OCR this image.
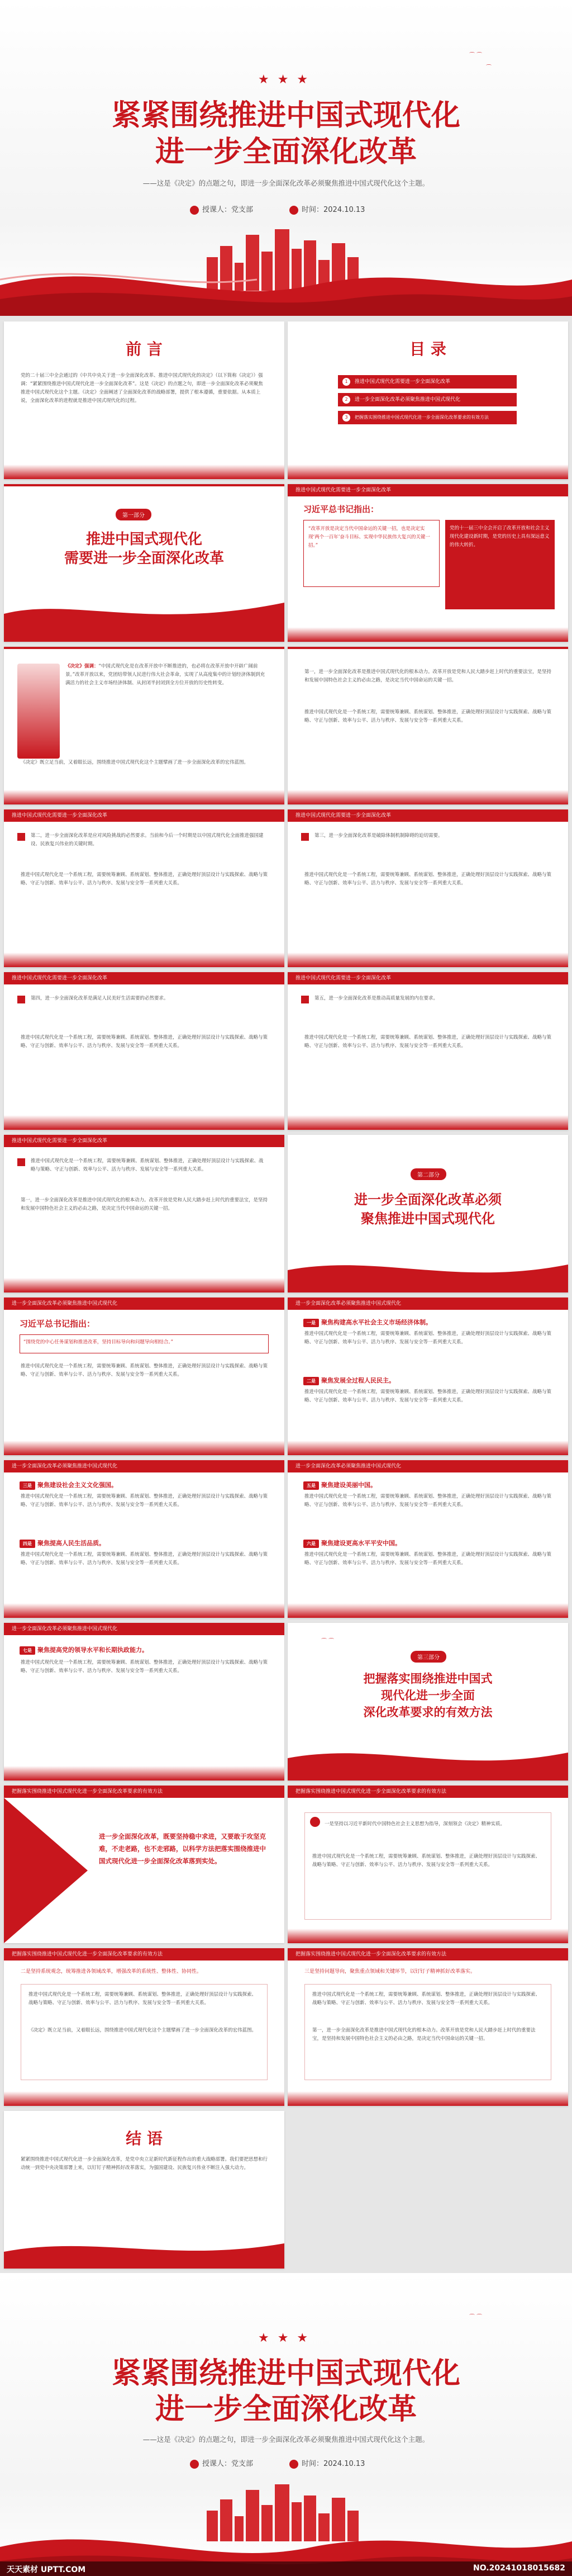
★ ★ ★
⌒ ⌒
⌒
紧紧围绕推进中国式现代化
进一步全面深化改革
——这是《决定》的点题之句，即进一步全面深化改革必须聚焦推进中国式现代化这个主题。
授课人：党支部	时间：2024.10.13
前 言
党的二十届三中全会通过的《中共中央关于进一步全面深化改革、推进中国式现代化的决定》（以下简称《决定》）强调：“紧紧围绕推进中国式现代化进一步全面深化改革”。这是《决定》的点题之句，即进一步全面深化改革必须聚焦推进中国式现代化这个主题。《决定》全面阐述了全面深化改革的战略部署，提供了根本遵循，重要依据。从本质上说，全面深化改革的进程就是推进中国式现代化的过程。
目 录
1	推进中国式现代化需要进一步全面深化改革
2	进一步全面深化改革必须聚焦推进中国式现代化
3	把握落实围绕推进中国式现代化进一步全面深化改革要求的有效方法
第一部分
推进中国式现代化
需要进一步全面深化改革
推进中国式现代化需要进一步全面深化改革
习近平总书记指出：
“改革开放是决定当代中国命运的关键一招，也是决定实现‘两个一百年’奋斗目标、实现中华民族伟大复兴的关键一招。”
党的十一届三中全会开启了改革开放和社会主义现代化建设新时期，是党的历史上具有深远意义的伟大转折。
《决定》强调：“中国式现代化是在改革开放中不断推进的，也必将在改革开放中开辟广阔前景。”改革开放以来，党团结带领人民进行伟大社会革命，实现了从高度集中的计划经济体制到充满活力的社会主义市场经济体制、从封闭半封闭到全方位开放的历史性转变。
《决定》既立足当前，又着眼长远，围绕推进中国式现代化这个主题擘画了进一步全面深化改革的宏伟蓝图。
第一，进一步全面深化改革是推进中国式现代化的根本动力。改革开放是党和人民大踏步赶上时代的重要法宝，是坚持和发展中国特色社会主义的必由之路，是决定当代中国命运的关键一招。
推进中国式现代化是一个系统工程，需要统筹兼顾、系统谋划、整体推进，正确处理好顶层设计与实践探索、战略与策略、守正与创新、效率与公平、活力与秩序、发展与安全等一系列重大关系。
推进中国式现代化需要进一步全面深化改革
第二，进一步全面深化改革是应对风险挑战的必然要求。当前和今后一个时期是以中国式现代化全面推进强国建设、民族复兴伟业的关键时期。
推进中国式现代化是一个系统工程，需要统筹兼顾、系统谋划、整体推进，正确处理好顶层设计与实践探索、战略与策略、守正与创新、效率与公平、活力与秩序、发展与安全等一系列重大关系。
推进中国式现代化需要进一步全面深化改革
第三，进一步全面深化改革是破除体制机制障碍的迫切需要。
推进中国式现代化是一个系统工程，需要统筹兼顾、系统谋划、整体推进，正确处理好顶层设计与实践探索、战略与策略、守正与创新、效率与公平、活力与秩序、发展与安全等一系列重大关系。
推进中国式现代化需要进一步全面深化改革
第四，进一步全面深化改革是满足人民美好生活需要的必然要求。
推进中国式现代化是一个系统工程，需要统筹兼顾、系统谋划、整体推进，正确处理好顶层设计与实践探索、战略与策略、守正与创新、效率与公平、活力与秩序、发展与安全等一系列重大关系。
推进中国式现代化需要进一步全面深化改革
第五，进一步全面深化改革是推动高质量发展的内在要求。
推进中国式现代化是一个系统工程，需要统筹兼顾、系统谋划、整体推进，正确处理好顶层设计与实践探索、战略与策略、守正与创新、效率与公平、活力与秩序、发展与安全等一系列重大关系。
推进中国式现代化需要进一步全面深化改革
推进中国式现代化是一个系统工程，需要统筹兼顾、系统谋划、整体推进，正确处理好顶层设计与实践探索、战略与策略、守正与创新、效率与公平、活力与秩序、发展与安全等一系列重大关系。
第一，进一步全面深化改革是推进中国式现代化的根本动力。改革开放是党和人民大踏步赶上时代的重要法宝，是坚持和发展中国特色社会主义的必由之路，是决定当代中国命运的关键一招。
第二部分
进一步全面深化改革必须
聚焦推进中国式现代化
进一步全面深化改革必须聚焦推进中国式现代化
习近平总书记指出：
“围绕党的中心任务谋划和推进改革，坚持目标导向和问题导向相结合。”
推进中国式现代化是一个系统工程，需要统筹兼顾、系统谋划、整体推进，正确处理好顶层设计与实践探索、战略与策略、守正与创新、效率与公平、活力与秩序、发展与安全等一系列重大关系。
进一步全面深化改革必须聚焦推进中国式现代化
一是 聚焦构建高水平社会主义市场经济体制。
推进中国式现代化是一个系统工程，需要统筹兼顾、系统谋划、整体推进，正确处理好顶层设计与实践探索、战略与策略、守正与创新、效率与公平、活力与秩序、发展与安全等一系列重大关系。
二是 聚焦发展全过程人民民主。
推进中国式现代化是一个系统工程，需要统筹兼顾、系统谋划、整体推进，正确处理好顶层设计与实践探索、战略与策略、守正与创新、效率与公平、活力与秩序、发展与安全等一系列重大关系。
进一步全面深化改革必须聚焦推进中国式现代化
三是 聚焦建设社会主义文化强国。
推进中国式现代化是一个系统工程，需要统筹兼顾、系统谋划、整体推进，正确处理好顶层设计与实践探索、战略与策略、守正与创新、效率与公平、活力与秩序、发展与安全等一系列重大关系。
四是 聚焦提高人民生活品质。
推进中国式现代化是一个系统工程，需要统筹兼顾、系统谋划、整体推进，正确处理好顶层设计与实践探索、战略与策略、守正与创新、效率与公平、活力与秩序、发展与安全等一系列重大关系。
进一步全面深化改革必须聚焦推进中国式现代化
五是 聚焦建设美丽中国。
推进中国式现代化是一个系统工程，需要统筹兼顾、系统谋划、整体推进，正确处理好顶层设计与实践探索、战略与策略、守正与创新、效率与公平、活力与秩序、发展与安全等一系列重大关系。
六是 聚焦建设更高水平平安中国。
推进中国式现代化是一个系统工程，需要统筹兼顾、系统谋划、整体推进，正确处理好顶层设计与实践探索、战略与策略、守正与创新、效率与公平、活力与秩序、发展与安全等一系列重大关系。
进一步全面深化改革必须聚焦推进中国式现代化
七是 聚焦提高党的领导水平和长期执政能力。
推进中国式现代化是一个系统工程，需要统筹兼顾、系统谋划、整体推进，正确处理好顶层设计与实践探索、战略与策略、守正与创新、效率与公平、活力与秩序、发展与安全等一系列重大关系。
⌒ ⌒
第三部分
把握落实围绕推进中国式
现代化进一步全面
深化改革要求的有效方法
把握落实围绕推进中国式现代化进一步全面深化改革要求的有效方法
进一步全面深化改革，既要坚持稳中求进，又要敢于攻坚克难，不走老路，也不走邪路，以科学方法把落实围绕推进中国式现代化进一步全面深化改革落到实处。
把握落实围绕推进中国式现代化进一步全面深化改革要求的有效方法
一是坚持以习近平新时代中国特色社会主义思想为指导，深刻领会《决定》精神实质。
推进中国式现代化是一个系统工程，需要统筹兼顾、系统谋划、整体推进，正确处理好顶层设计与实践探索、战略与策略、守正与创新、效率与公平、活力与秩序、发展与安全等一系列重大关系。
把握落实围绕推进中国式现代化进一步全面深化改革要求的有效方法
二是坚持系统观念，统筹推进各领域改革，增强改革的系统性、整体性、协同性。
推进中国式现代化是一个系统工程，需要统筹兼顾、系统谋划、整体推进，正确处理好顶层设计与实践探索、战略与策略、守正与创新、效率与公平、活力与秩序、发展与安全等一系列重大关系。
《决定》既立足当前，又着眼长远，围绕推进中国式现代化这个主题擘画了进一步全面深化改革的宏伟蓝图。
把握落实围绕推进中国式现代化进一步全面深化改革要求的有效方法
三是坚持问题导向，聚焦重点领域和关键环节，以钉钉子精神抓好改革落实。
推进中国式现代化是一个系统工程，需要统筹兼顾、系统谋划、整体推进，正确处理好顶层设计与实践探索、战略与策略、守正与创新、效率与公平、活力与秩序、发展与安全等一系列重大关系。
第一，进一步全面深化改革是推进中国式现代化的根本动力。改革开放是党和人民大踏步赶上时代的重要法宝，是坚持和发展中国特色社会主义的必由之路，是决定当代中国命运的关键一招。
结 语
紧紧围绕推进中国式现代化进一步全面深化改革，是党中央立足新时代新征程作出的重大战略部署。我们要把思想和行动统一到党中央决策部署上来，以钉钉子精神抓好改革落实，为强国建设、民族复兴伟业不断注入强大动力。
★ ★ ★
⌒ ⌒
紧紧围绕推进中国式现代化
进一步全面深化改革
——这是《决定》的点题之句，即进一步全面深化改革必须聚焦推进中国式现代化这个主题。
授课人：党支部	时间：2024.10.13
天天素材 UPTT.COM	NO.20241018015682
